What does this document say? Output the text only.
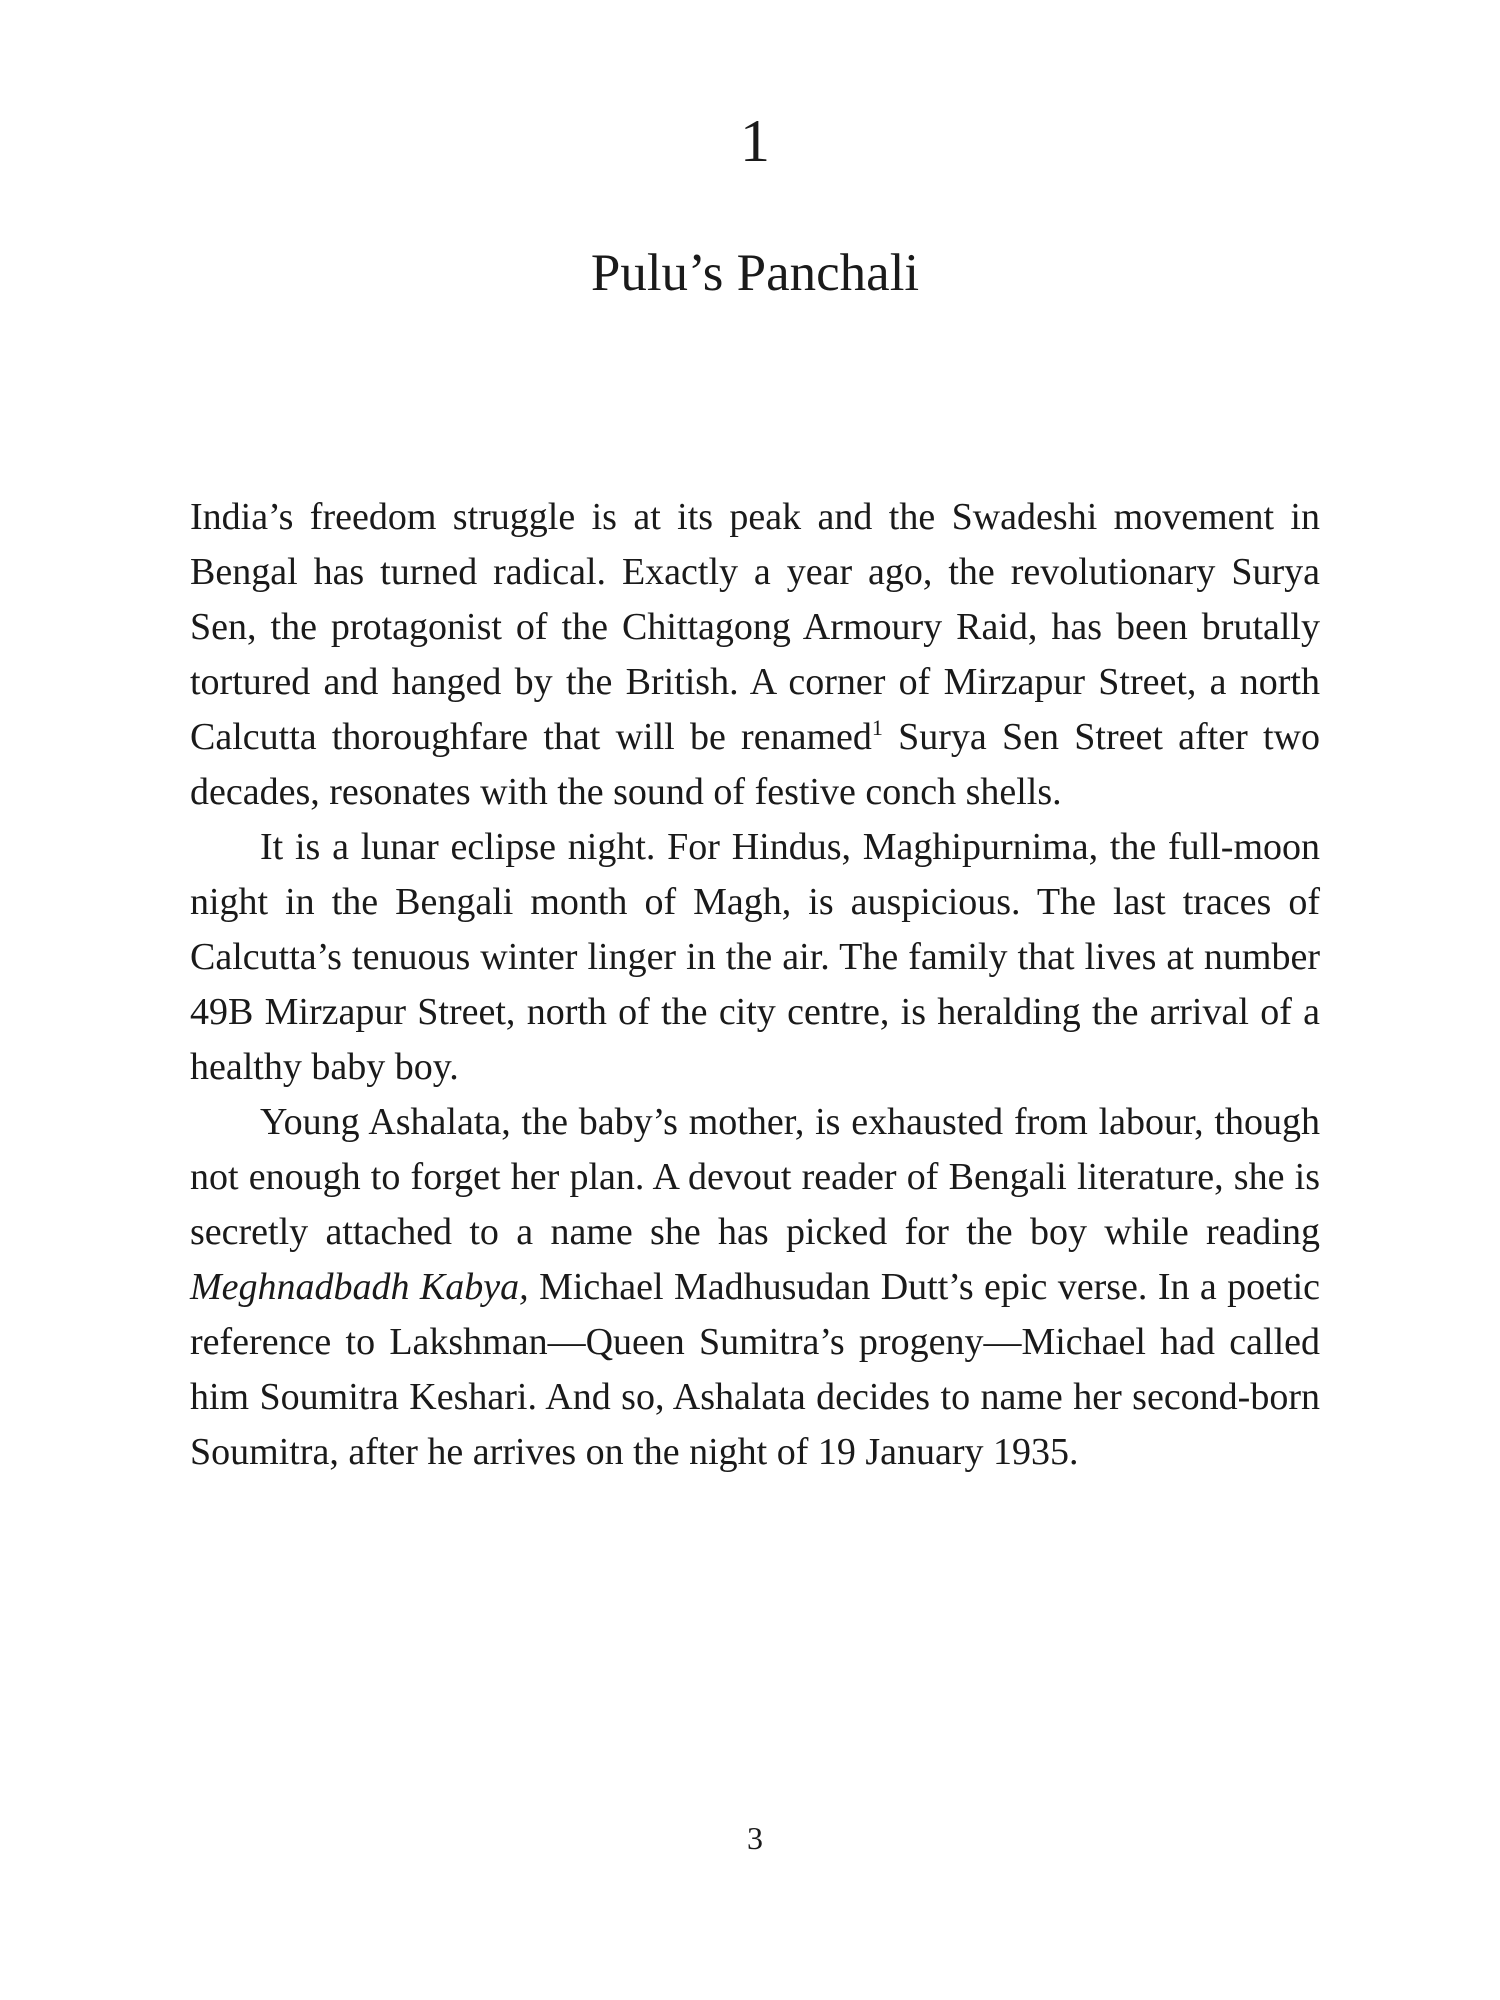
1
Pulu’s Panchali

India’s freedom struggle is at its peak and the Swadeshi movement in Bengal has turned radical. Exactly a year ago, the revolutionary Surya Sen, the protagonist of the Chittagong Armoury Raid, has been brutally tortured and hanged by the British. A corner of Mirzapur Street, a north Calcutta thoroughfare that will be renamed$^1$ Surya Sen Street after two decades, resonates with the sound of festive conch shells.

It is a lunar eclipse night. For Hindus, Maghipurnima, the full-moon night in the Bengali month of Magh, is auspicious. The last traces of Calcutta’s tenuous winter linger in the air. The family that lives at number 49B Mirzapur Street, north of the city centre, is heralding the arrival of a healthy baby boy.

Young Ashalata, the baby’s mother, is exhausted from labour, though not enough to forget her plan. A devout reader of Bengali literature, she is secretly attached to a name she has picked for the boy while reading Meghnadbadh Kabya, Michael Madhusudan Dutt’s epic verse. In a poetic reference to Lakshman—Queen Sumitra’s progeny—Michael had called him Soumitra Keshari. And so, Ashalata decides to name her second-born Soumitra, after he arrives on the night of 19 January 1935.

3
